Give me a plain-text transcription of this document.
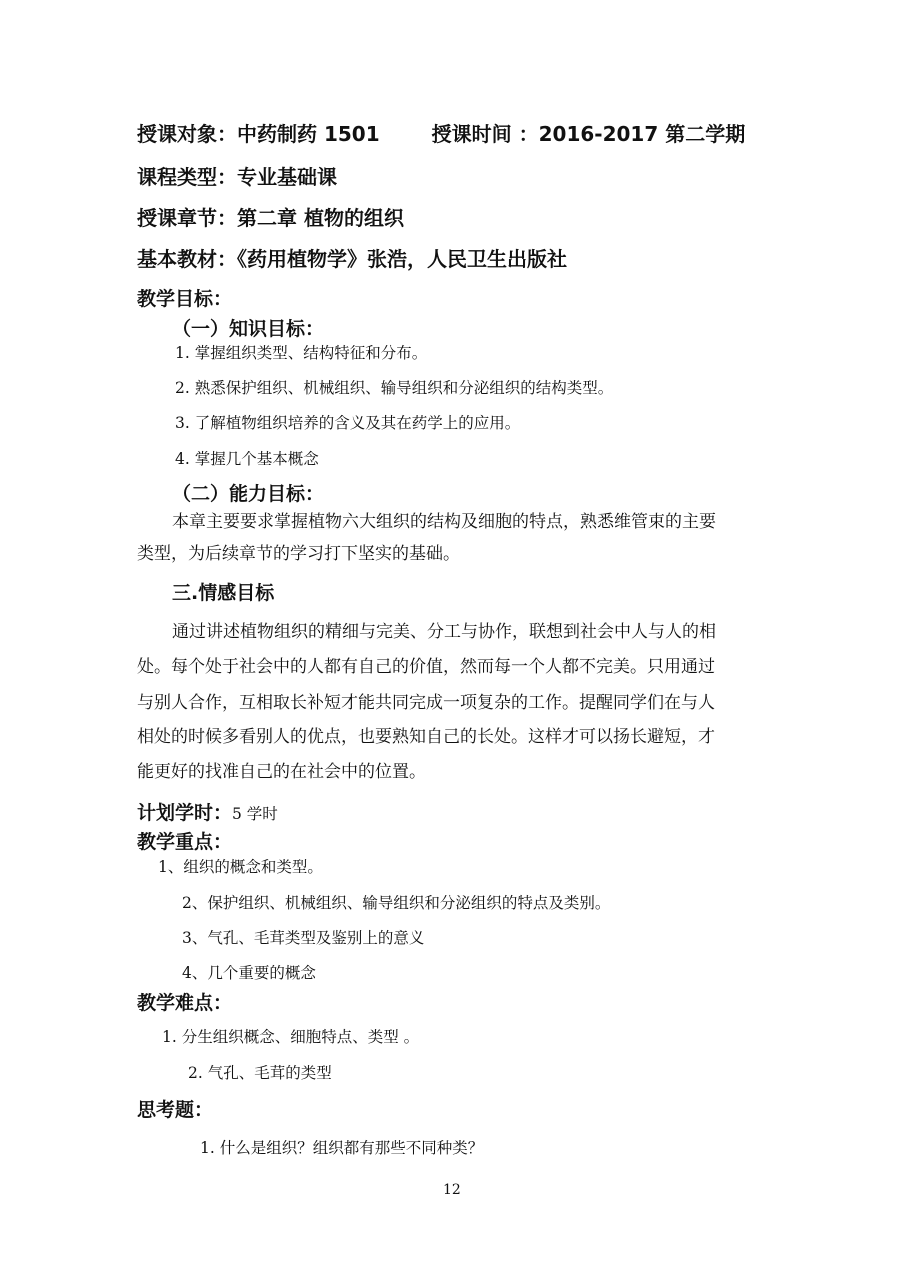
授课对象：中药制药 1501	授课时间 ：2016-2017 第二学期
课程类型：专业基础课
授课章节：第二章 植物的组织
基本教材：《药用植物学》张浩，人民卫生出版社
教学目标：
（一）知识目标：
1. 掌握组织类型、结构特征和分布。
2. 熟悉保护组织、机械组织、输导组织和分泌组织的结构类型。
3. 了解植物组织培养的含义及其在药学上的应用。
4. 掌握几个基本概念
（二）能力目标：
本章主要要求掌握植物六大组织的结构及细胞的特点，熟悉维管束的主要
类型，为后续章节的学习打下坚实的基础。
三.情感目标
通过讲述植物组织的精细与完美、分工与协作，联想到社会中人与人的相
处。每个处于社会中的人都有自己的价值，然而每一个人都不完美。只用通过
与别人合作，互相取长补短才能共同完成一项复杂的工作。提醒同学们在与人
相处的时候多看别人的优点，也要熟知自己的长处。这样才可以扬长避短，才
能更好的找准自己的在社会中的位置。
计划学时：5 学时
教学重点：
1、组织的概念和类型。
2、保护组织、机械组织、输导组织和分泌组织的特点及类别。
3、气孔、毛茸类型及鉴别上的意义
4、几个重要的概念
教学难点：
1. 分生组织概念、细胞特点、类型 。
2. 气孔、毛茸的类型
思考题：
1. 什么是组织？组织都有那些不同种类？
12
